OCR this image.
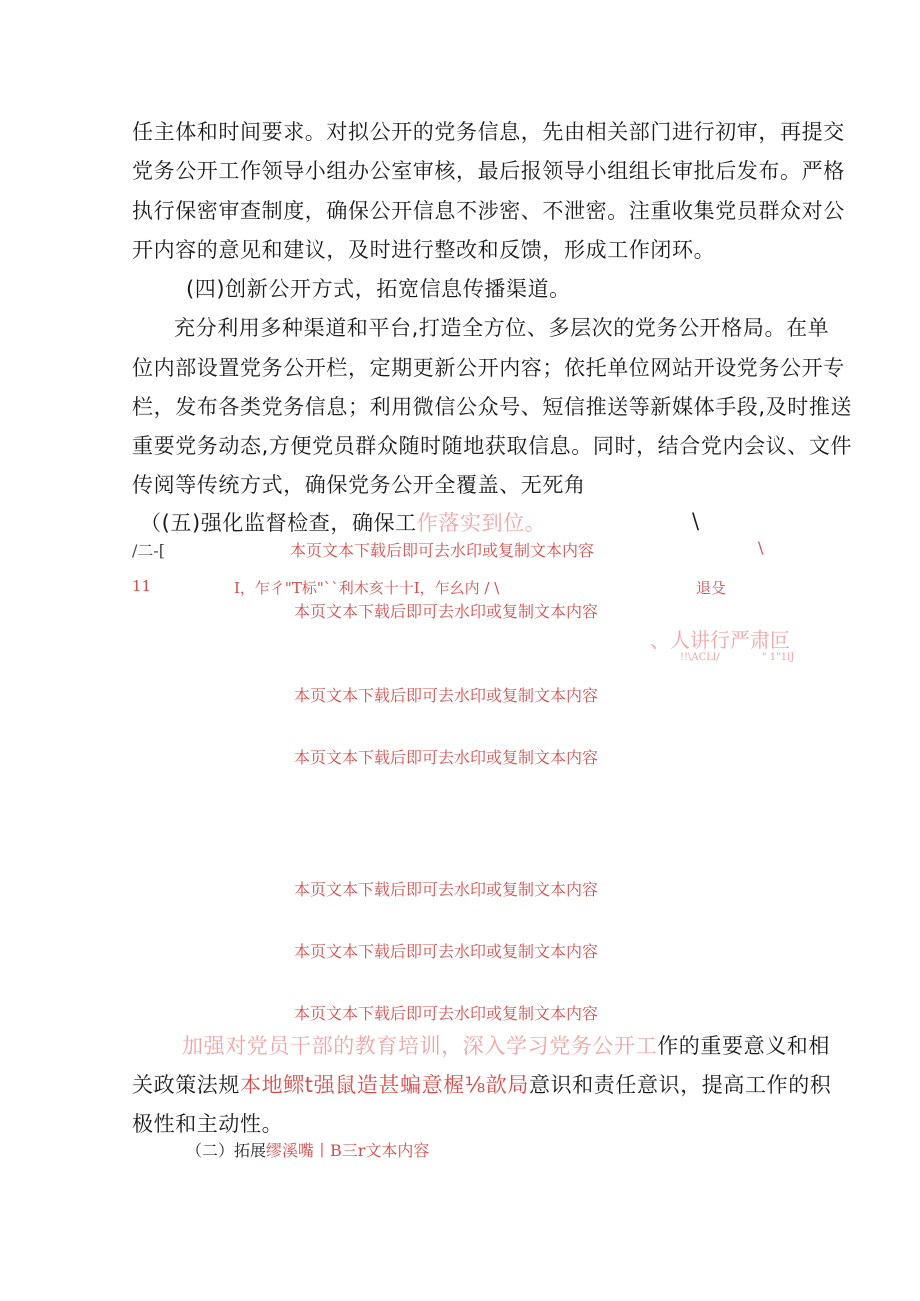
任主体和时间要求。对拟公开的党务信息，先由相关部门进行初审，再提交
党务公开工作领导小组办公室审核，最后报领导小组组长审批后发布。严格
执行保密审查制度，确保公开信息不涉密、不泄密。注重收集党员群众对公
开内容的意见和建议，及时进行整改和反馈，形成工作闭环。
(四)创新公开方式，拓宽信息传播渠道。
充分利用多种渠道和平台,打造全方位、多层次的党务公开格局。在单
位内部设置党务公开栏，定期更新公开内容；依托单位网站开设党务公开专
栏，发布各类党务信息；利用微信公众号、短信推送等新媒体手段,及时推送
重要党务动态,方便党员群众随时随地获取信息。同时，结合党内会议、文件
传阅等传统方式，确保党务公开全覆盖、无死角
（(五)强化监督检查，确保工作落实到位。	\
/二-[	本页文本下载后即可去水印或复制文本内容	\
11	I，乍彳"T标"``利木亥十十I，乍幺内 / \	退殳
本页文本下载后即可去水印或复制文本内容
、人讲行严肃叵
!!\ACLl/	" 1"1lJ
本页文本下载后即可去水印或复制文本内容
本页文本下载后即可去水印或复制文本内容
本页文本下载后即可去水印或复制文本内容
本页文本下载后即可去水印或复制文本内容
本页文本下载后即可去水印或复制文本内容
加强对党员干部的教育培训，深入学习党务公开工作的重要意义和相
关政策法规本地鳏t强鼠造甚蝙意楃⅛歆局意识和责任意识，提高工作的积
极性和主动性。
（二）拓展缪溪嘴丨B三r文本内容
